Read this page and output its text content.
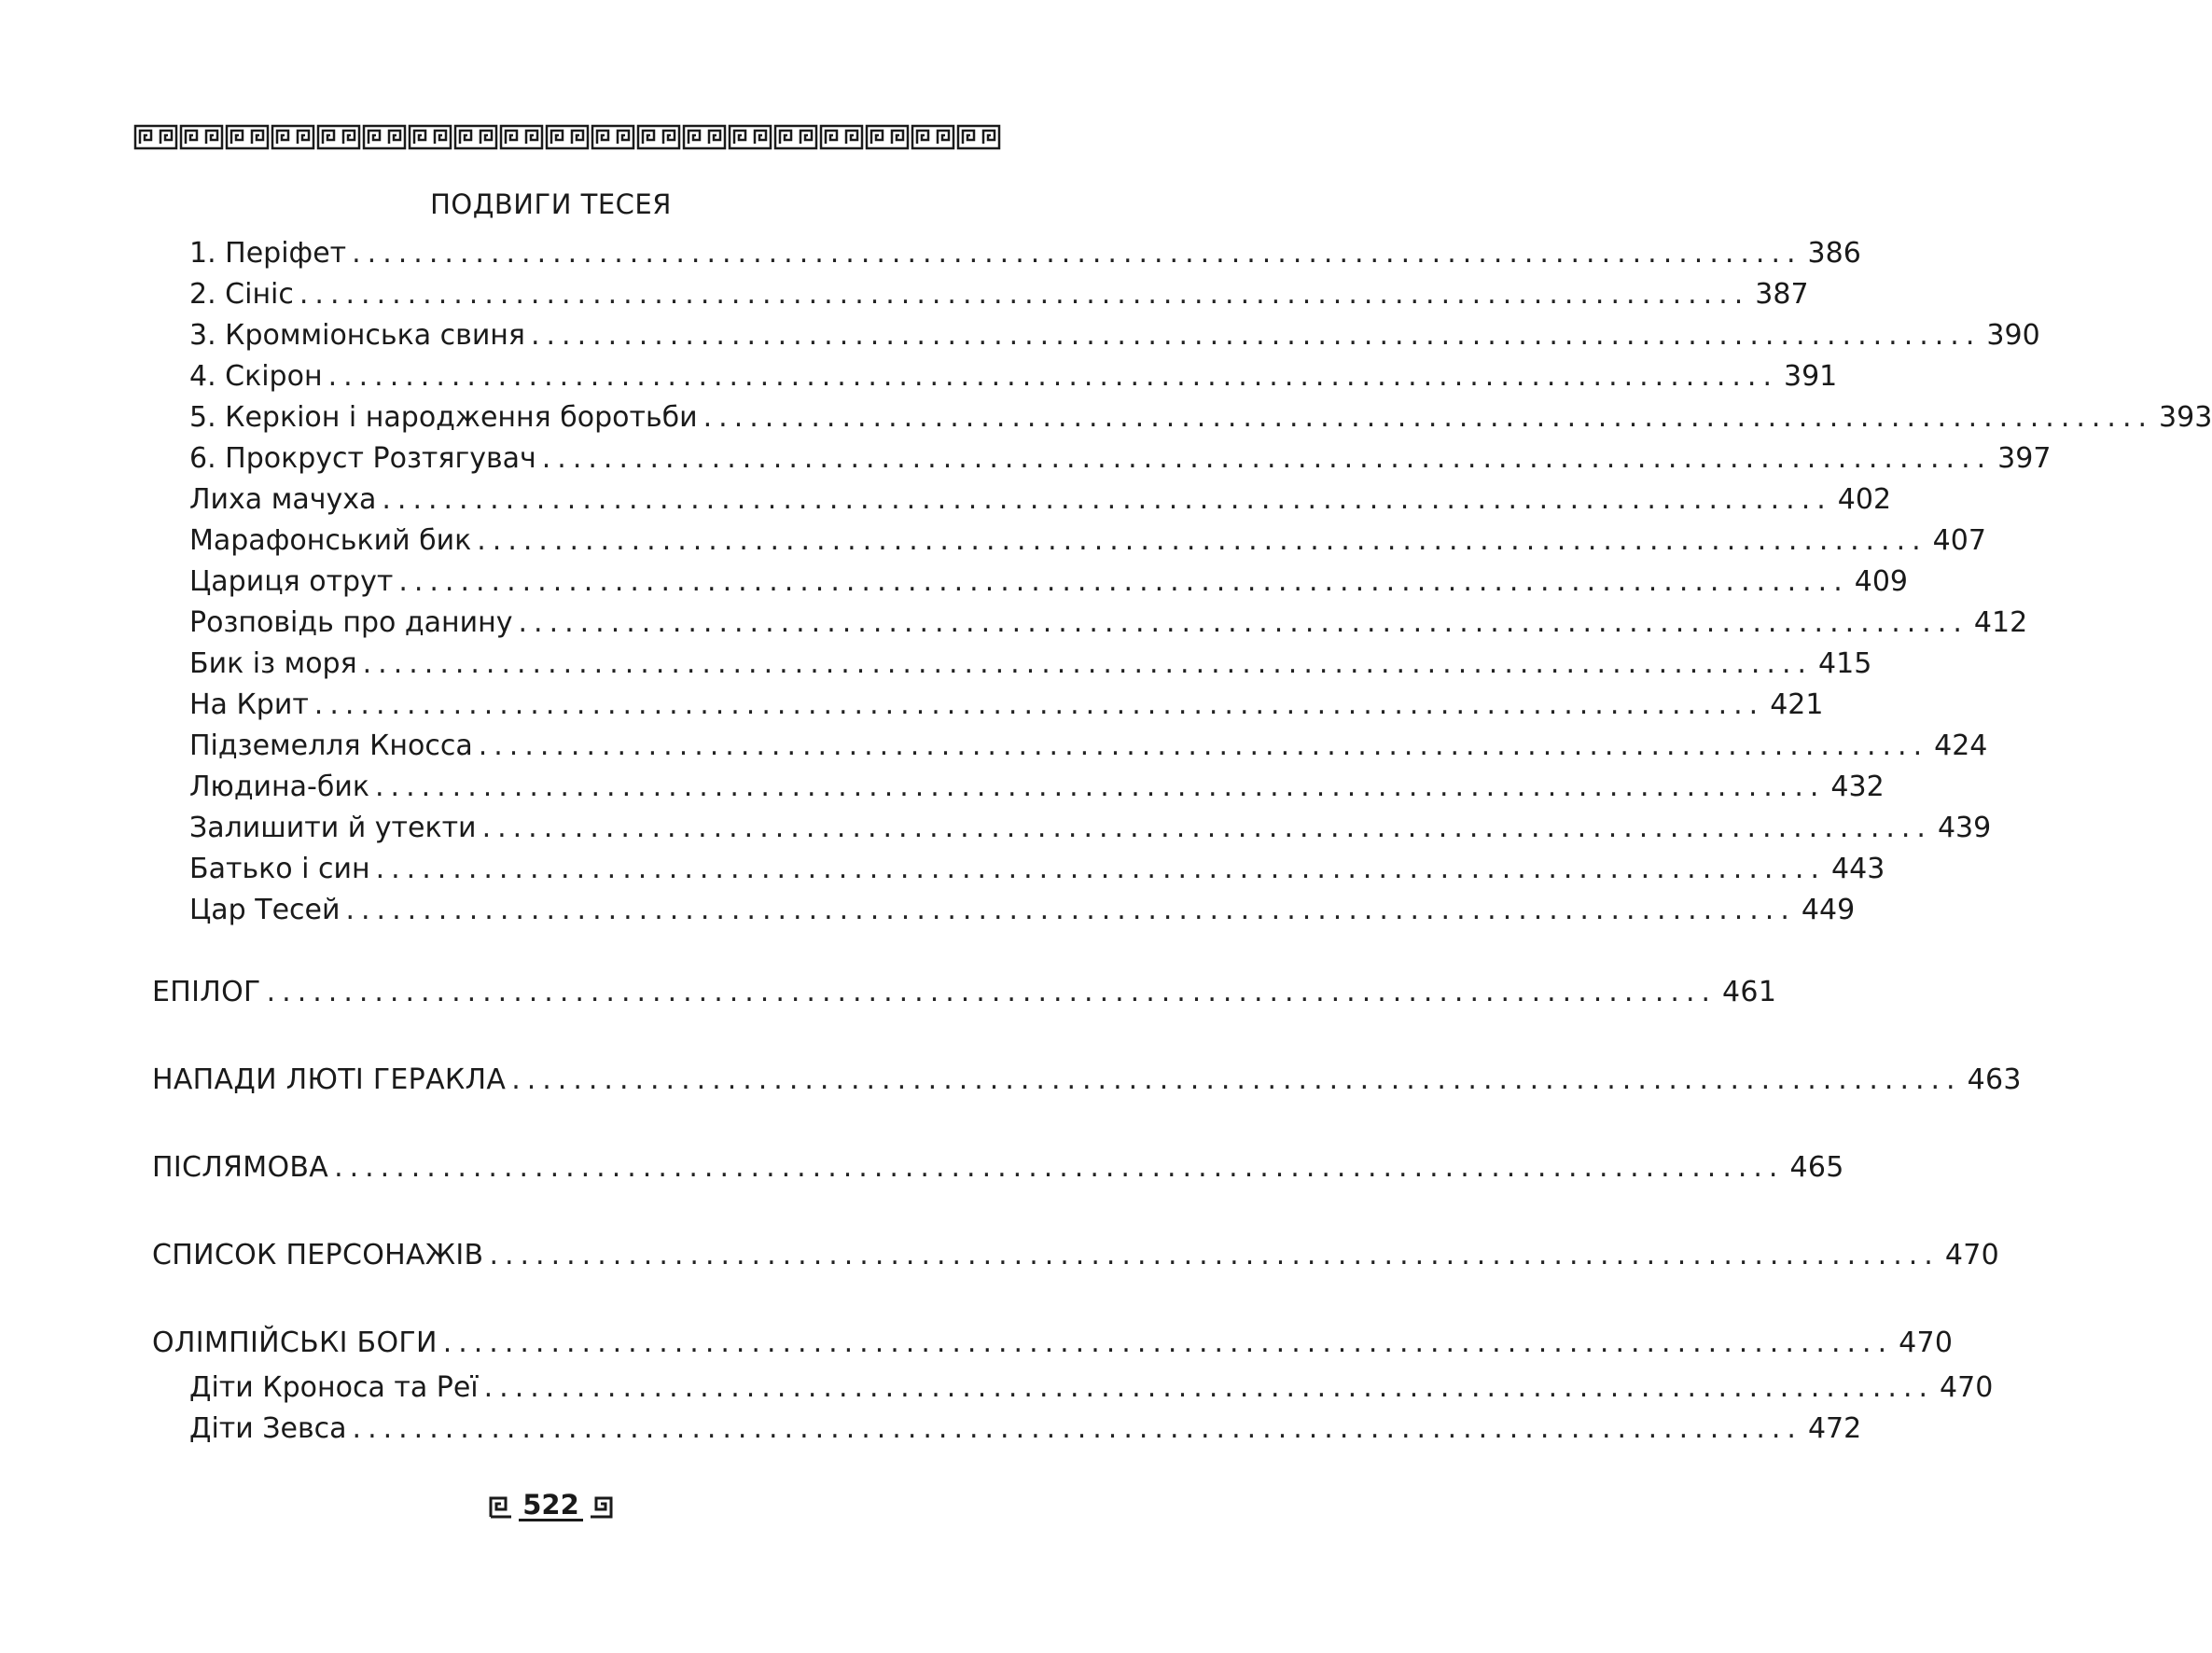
ПОДВИГИ ТЕСЕЯ
1. Періфет .............................................................................................. 386
2. Сініс .............................................................................................. 387
3. Кромміонська свиня .............................................................................................. 390
4. Скірон .............................................................................................. 391
5. Керкіон і народження боротьби .............................................................................................. 393
6. Прокруст Розтягувач .............................................................................................. 397
Лиха мачуха .............................................................................................. 402
Марафонський бик .............................................................................................. 407
Цариця отрут .............................................................................................. 409
Розповідь про данину .............................................................................................. 412
Бик із моря .............................................................................................. 415
На Крит .............................................................................................. 421
Підземелля Кносса .............................................................................................. 424
Людина-бик .............................................................................................. 432
Залишити й утекти .............................................................................................. 439
Батько і син .............................................................................................. 443
Цар Тесей .............................................................................................. 449
ЕПІЛОГ .............................................................................................. 461
НАПАДИ ЛЮТІ ГЕРАКЛА .............................................................................................. 463
ПІСЛЯМОВА .............................................................................................. 465
СПИСОК ПЕРСОНАЖІВ .............................................................................................. 470
ОЛІМПІЙСЬКІ БОГИ .............................................................................................. 470
Діти Кроноса та Реї .............................................................................................. 470
Діти Зевса .............................................................................................. 472
522
